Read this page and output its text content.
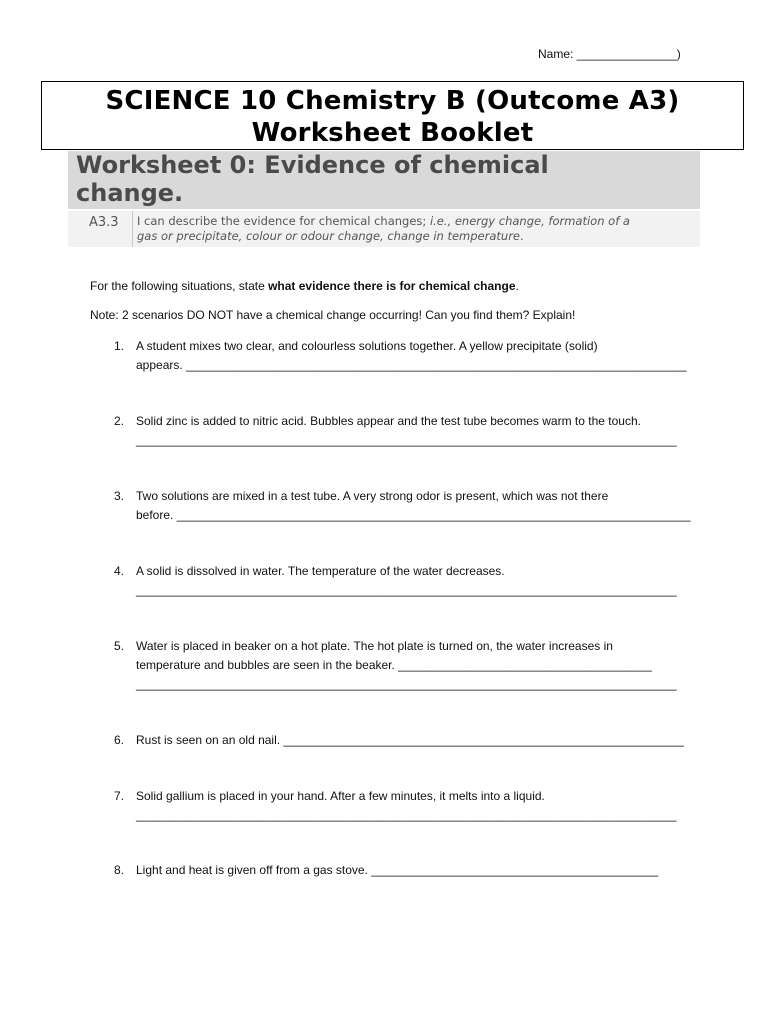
Name: _______________)
SCIENCE 10 Chemistry B (Outcome A3)
Worksheet Booklet
Worksheet 0: Evidence of chemical
change.
A3.3	I can describe the evidence for chemical changes; i.e., energy change, formation of a
gas or precipitate, colour or odour change, change in temperature.
For the following situations, state what evidence there is for chemical change.
Note: 2 scenarios DO NOT have a chemical change occurring! Can you find them? Explain!
1. A student mixes two clear, and colourless solutions together. A yellow precipitate (solid)
appears. ___________________________________________________________________________
2. Solid zinc is added to nitric acid. Bubbles appear and the test tube becomes warm to the touch.
_________________________________________________________________________________
3. Two solutions are mixed in a test tube. A very strong odor is present, which was not there
before. _____________________________________________________________________________
4. A solid is dissolved in water. The temperature of the water decreases.
_________________________________________________________________________________
5. Water is placed in beaker on a hot plate. The hot plate is turned on, the water increases in
temperature and bubbles are seen in the beaker. ______________________________________
_________________________________________________________________________________
6. Rust is seen on an old nail. ____________________________________________________________
7. Solid gallium is placed in your hand. After a few minutes, it melts into a liquid.
_________________________________________________________________________________
8. Light and heat is given off from a gas stove. ___________________________________________
